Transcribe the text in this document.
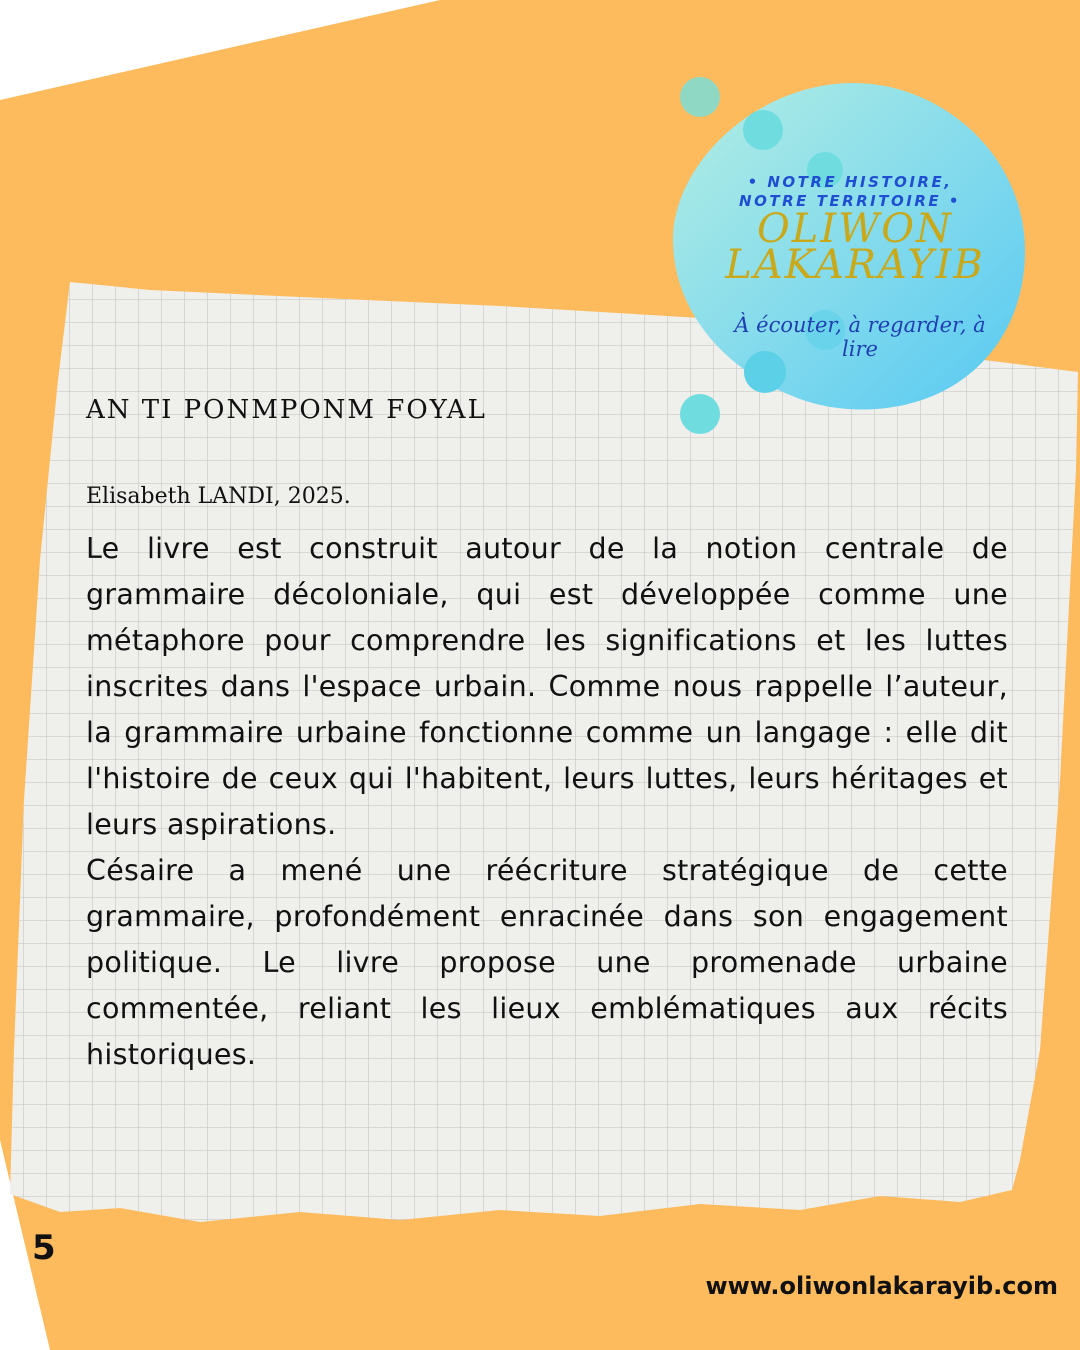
• NOTRE HISTOIRE,
NOTRE TERRITOIRE •
OLIWON
LAKARAYIB
À écouter, à regarder, à lire
AN TI PONMPONM FOYAL
Elisabeth LANDI, 2025.

Le livre est construit autour de la notion centrale de grammaire décoloniale, qui est développée comme une métaphore pour comprendre les significations et les luttes inscrites dans l'espace urbain. Comme nous rappelle l’auteur, la grammaire urbaine fonctionne comme un langage : elle dit l'histoire de ceux qui l'habitent, leurs luttes, leurs héritages et leurs aspirations.

Césaire a mené une réécriture stratégique de cette grammaire, profondément enracinée dans son engagement politique. Le livre propose une promenade urbaine commentée, reliant les lieux emblématiques aux récits historiques.

5
www.oliwonlakarayib.com
